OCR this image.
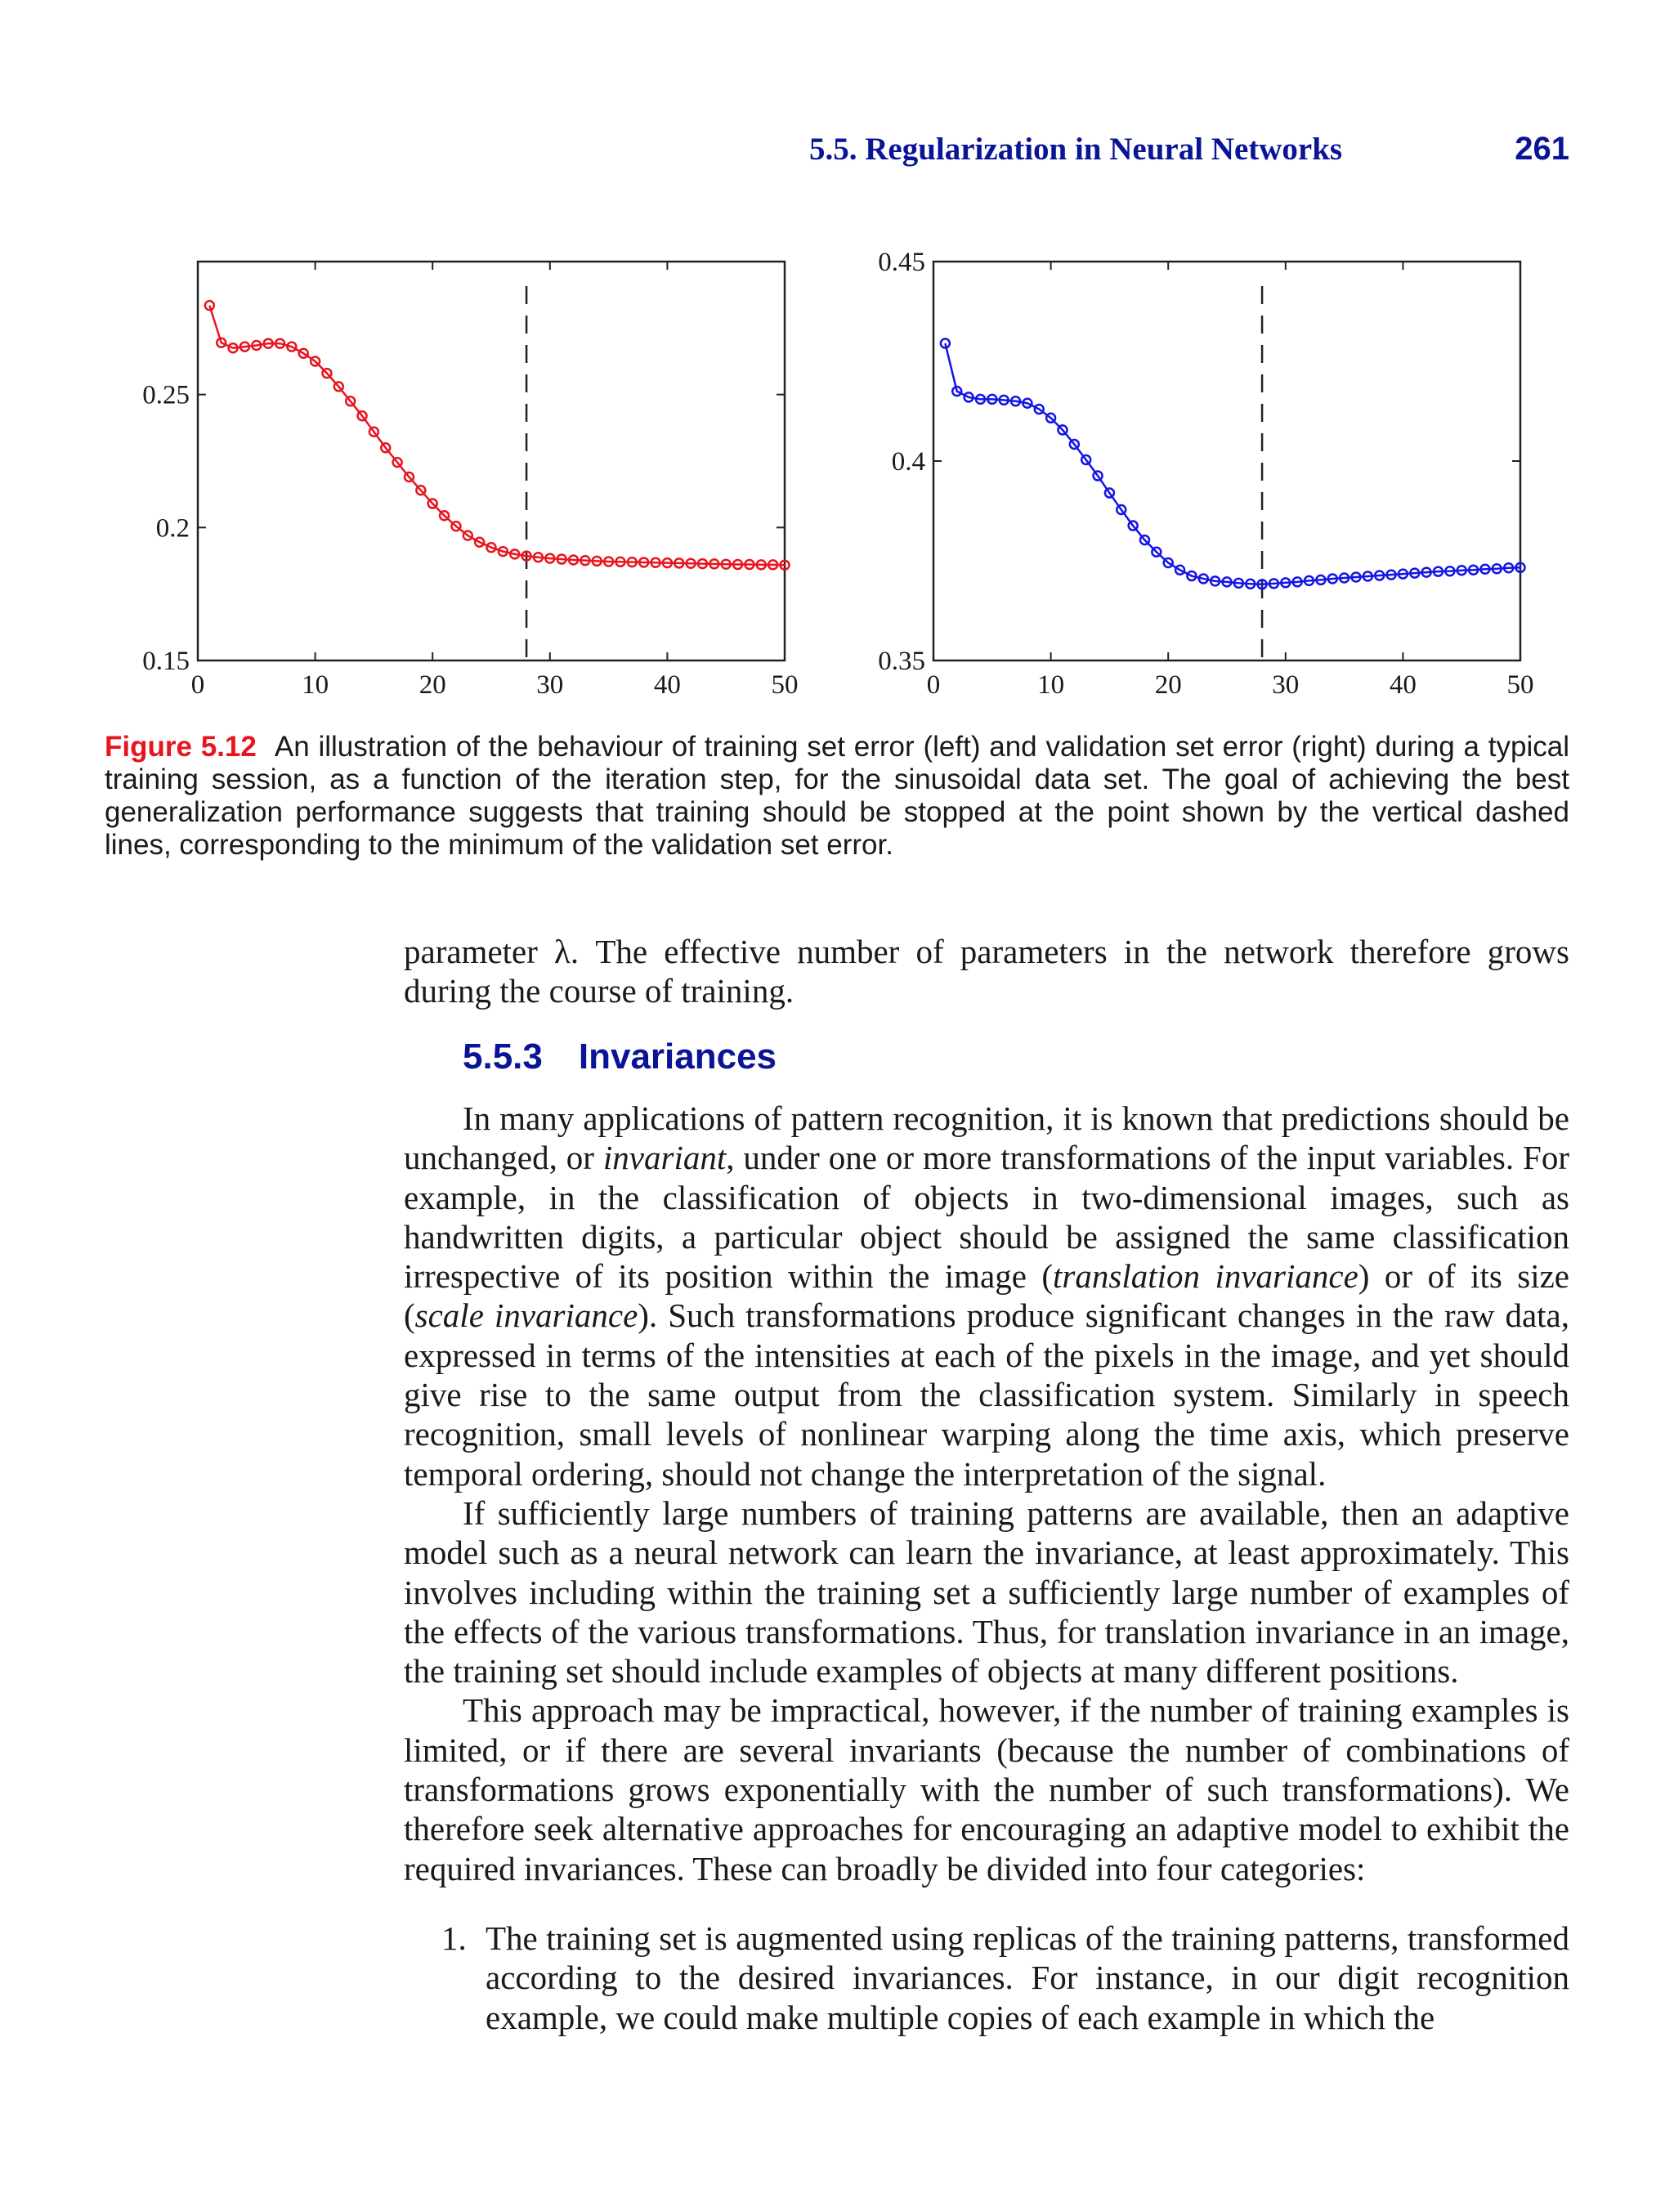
5.5. Regularization in Neural Networks	261
0	10	20	30	40	50
0.15
0.2
0.25
0	10	20	30	40	50
0.35
0.4
0.45
Figure 5.12 An illustration of the behaviour of training set error (left) and validation set error (right) during a typical training session, as a function of the iteration step, for the sinusoidal data set. The goal of achieving the best generalization performance suggests that training should be stopped at the point shown by the vertical dashed lines, corresponding to the minimum of the validation set error.

parameter λ. The effective number of parameters in the network therefore grows during the course of training.

5.5.3 Invariances

In many applications of pattern recognition, it is known that predictions should be unchanged, or invariant, under one or more transformations of the input variables. For example, in the classification of objects in two-dimensional images, such as handwritten digits, a particular object should be assigned the same classification irrespective of its position within the image (translation invariance) or of its size (scale invariance). Such transformations produce significant changes in the raw data, expressed in terms of the intensities at each of the pixels in the image, and yet should give rise to the same output from the classification system. Similarly in speech recognition, small levels of nonlinear warping along the time axis, which preserve temporal ordering, should not change the interpretation of the signal.

If sufficiently large numbers of training patterns are available, then an adaptive model such as a neural network can learn the invariance, at least approximately. This involves including within the training set a sufficiently large number of examples of the effects of the various transformations. Thus, for translation invariance in an image, the training set should include examples of objects at many different positions.

This approach may be impractical, however, if the number of training examples is limited, or if there are several invariants (because the number of combinations of transformations grows exponentially with the number of such transformations). We therefore seek alternative approaches for encouraging an adaptive model to exhibit the required invariances. These can broadly be divided into four categories:

1. The training set is augmented using replicas of the training patterns, transformed according to the desired invariances. For instance, in our digit recognition example, we could make multiple copies of each example in which the
